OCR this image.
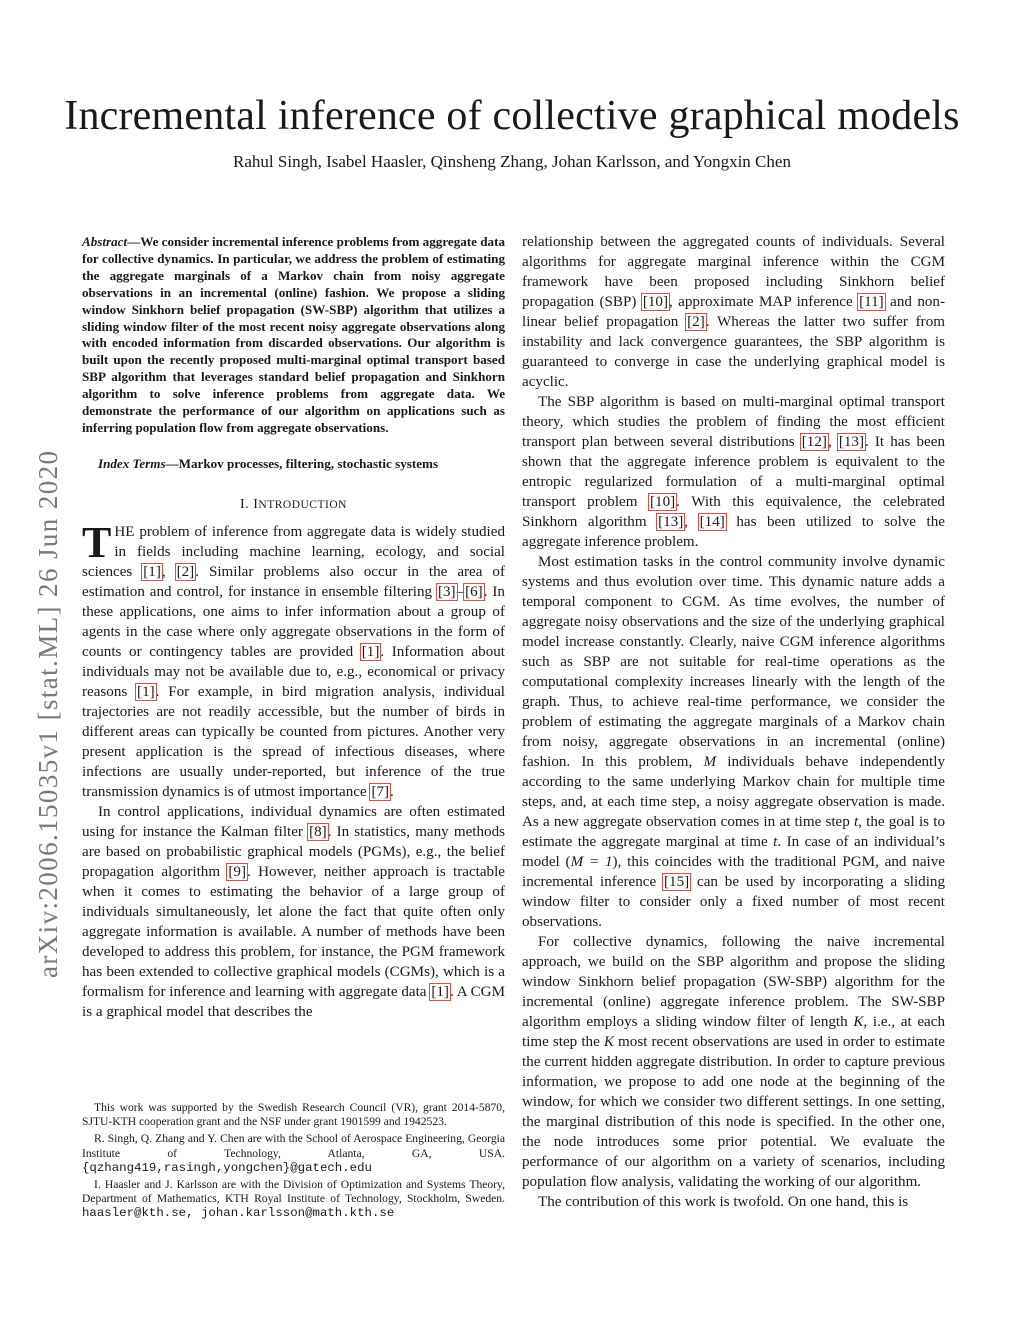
Incremental inference of collective graphical models
Rahul Singh, Isabel Haasler, Qinsheng Zhang, Johan Karlsson, and Yongxin Chen
arXiv:2006.15035v1 [stat.ML] 26 Jun 2020

Abstract—We consider incremental inference problems from aggregate data for collective dynamics. In particular, we address the problem of estimating the aggregate marginals of a Markov chain from noisy aggregate observations in an incremental (online) fashion. We propose a sliding window Sinkhorn belief propagation (SW-SBP) algorithm that utilizes a sliding window filter of the most recent noisy aggregate observations along with encoded information from discarded observations. Our algorithm is built upon the recently proposed multi-marginal optimal transport based SBP algorithm that leverages standard belief propagation and Sinkhorn algorithm to solve inference problems from aggregate data. We demonstrate the performance of our algorithm on applications such as inferring population flow from aggregate observations.

Index Terms—Markov processes, filtering, stochastic systems

I. INTRODUCTION

THE problem of inference from aggregate data is widely studied in fields including machine learning, ecology, and social sciences [1], [2]. Similar problems also occur in the area of estimation and control, for instance in ensemble filtering [3]–[6]. In these applications, one aims to infer information about a group of agents in the case where only aggregate observations in the form of counts or contingency tables are provided [1]. Information about individuals may not be available due to, e.g., economical or privacy reasons [1]. For example, in bird migration analysis, individual trajectories are not readily accessible, but the number of birds in different areas can typically be counted from pictures. Another very present application is the spread of infectious diseases, where infections are usually under-reported, but inference of the true transmission dynamics is of utmost importance [7].

In control applications, individual dynamics are often estimated using for instance the Kalman filter [8]. In statistics, many methods are based on probabilistic graphical models (PGMs), e.g., the belief propagation algorithm [9]. However, neither approach is tractable when it comes to estimating the behavior of a large group of individuals simultaneously, let alone the fact that quite often only aggregate information is available. A number of methods have been developed to address this problem, for instance, the PGM framework has been extended to collective graphical models (CGMs), which is a formalism for inference and learning with aggregate data [1]. A CGM is a graphical model that describes the

This work was supported by the Swedish Research Council (VR), grant 2014-5870, SJTU-KTH cooperation grant and the NSF under grant 1901599 and 1942523.

R. Singh, Q. Zhang and Y. Chen are with the School of Aerospace Engineering, Georgia Institute of Technology, Atlanta, GA, USA. {qzhang419,rasingh,yongchen}@gatech.edu

I. Haasler and J. Karlsson are with the Division of Optimization and Systems Theory, Department of Mathematics, KTH Royal Institute of Technology, Stockholm, Sweden. haasler@kth.se, johan.karlsson@math.kth.se

relationship between the aggregated counts of individuals. Several algorithms for aggregate marginal inference within the CGM framework have been proposed including Sinkhorn belief propagation (SBP) [10], approximate MAP inference [11] and non-linear belief propagation [2]. Whereas the latter two suffer from instability and lack convergence guarantees, the SBP algorithm is guaranteed to converge in case the underlying graphical model is acyclic.

The SBP algorithm is based on multi-marginal optimal transport theory, which studies the problem of finding the most efficient transport plan between several distributions [12], [13]. It has been shown that the aggregate inference problem is equivalent to the entropic regularized formulation of a multi-marginal optimal transport problem [10]. With this equivalence, the celebrated Sinkhorn algorithm [13], [14] has been utilized to solve the aggregate inference problem.

Most estimation tasks in the control community involve dynamic systems and thus evolution over time. This dynamic nature adds a temporal component to CGM. As time evolves, the number of aggregate noisy observations and the size of the underlying graphical model increase constantly. Clearly, naive CGM inference algorithms such as SBP are not suitable for real-time operations as the computational complexity increases linearly with the length of the graph. Thus, to achieve real-time performance, we consider the problem of estimating the aggregate marginals of a Markov chain from noisy, aggregate observations in an incremental (online) fashion. In this problem, M individuals behave independently according to the same underlying Markov chain for multiple time steps, and, at each time step, a noisy aggregate observation is made. As a new aggregate observation comes in at time step t, the goal is to estimate the aggregate marginal at time t. In case of an individual’s model (M = 1), this coincides with the traditional PGM, and naive incremental inference [15] can be used by incorporating a sliding window filter to consider only a fixed number of most recent observations.

For collective dynamics, following the naive incremental approach, we build on the SBP algorithm and propose the sliding window Sinkhorn belief propagation (SW-SBP) algorithm for the incremental (online) aggregate inference problem. The SW-SBP algorithm employs a sliding window filter of length K, i.e., at each time step the K most recent observations are used in order to estimate the current hidden aggregate distribution. In order to capture previous information, we propose to add one node at the beginning of the window, for which we consider two different settings. In one setting, the marginal distribution of this node is specified. In the other one, the node introduces some prior potential. We evaluate the performance of our algorithm on a variety of scenarios, including population flow analysis, validating the working of our algorithm.

The contribution of this work is twofold. On one hand, this is
